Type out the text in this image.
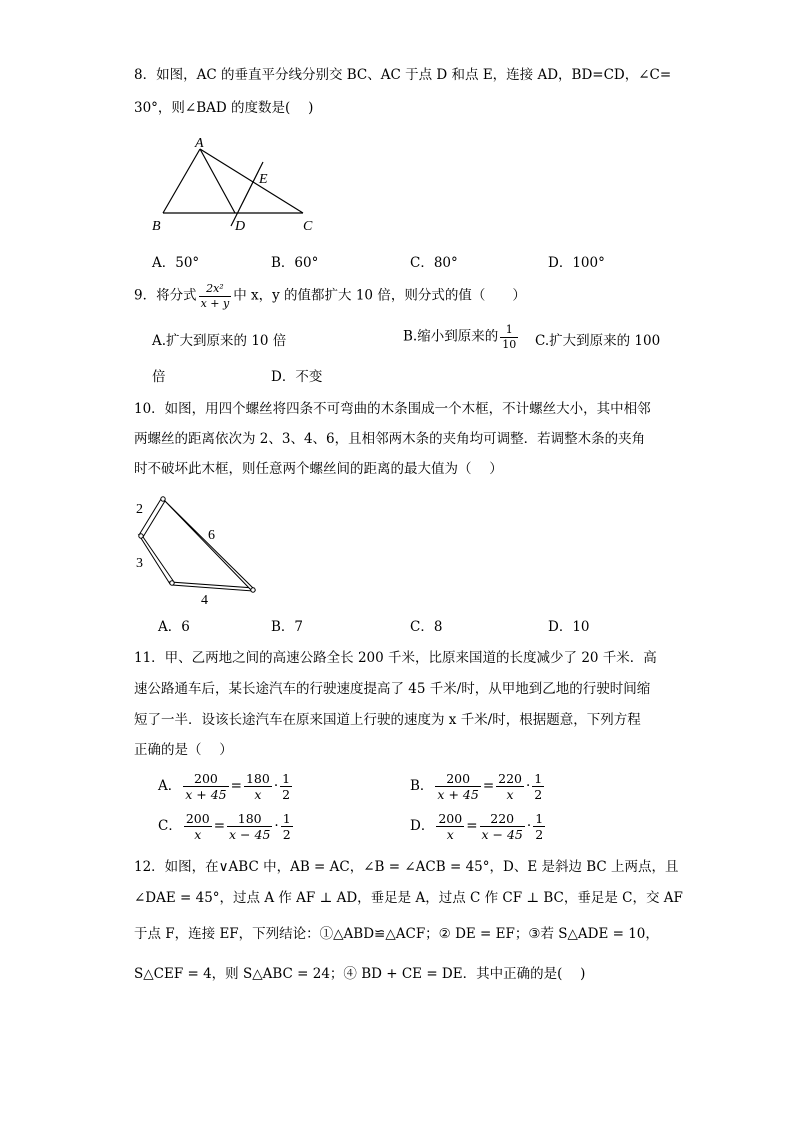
8．如图，AC 的垂直平分线分别交 BC、AC 于点 D 和点 E，连接 AD，BD=CD，∠C=
30°，则∠BAD 的度数是(　 )
A
B	D	C
E
A．50°	B．60°	C．80°	D．100°
9．将分式 $\frac{\text{2x²}}{x + y}$ 中 x，y 的值都扩大 10 倍，则分式的值（　　）
A.扩大到原来的 10 倍	B.缩小到原来的 $\frac{1}{10} C$.扩大到原来的 100
倍	D．不变
10．如图，用四个螺丝将四条不可弯曲的木条围成一个木框，不计螺丝大小，其中相邻
两螺丝的距离依次为 2、3、4、6，且相邻两木条的夹角均可调整．若调整木条的夹角
时不破坏此木框，则任意两个螺丝间的距离的最大值为（　 ）
2
3
6
4
A．6	B．7	C．8	D．10
11．甲、乙两地之间的高速公路全长 200 千米，比原来国道的长度减少了 20 千米．高
速公路通车后，某长途汽车的行驶速度提高了 45 千米/时，从甲地到乙地的行驶时间缩
短了一半．设该长途汽车在原来国道上行驶的速度为 x 千米/时，根据题意，下列方程
正确的是（　 ）
A． $\frac{200}{x + 45} = \frac{180}{x} \cdot \frac{1}{2}$	B． $\frac{200}{x + 45} = \frac{220}{x} \cdot \frac{1}{2}$
C． $\frac{200}{x} = \frac{180}{x - 45} \cdot \frac{1}{2}$	D． $\frac{200}{x} = \frac{220}{x - 45} \cdot \frac{1}{2}$
12．如图，在∨ABC 中，AB = AC，∠B = ∠ACB = 45°，D、E 是斜边 BC 上两点，且
∠DAE = 45°，过点 A 作 AF ⊥ AD，垂足是 A，过点 C 作 CF ⊥ BC，垂足是 C，交 AF
于点 F，连接 EF，下列结论：①△ABD≌△ACF；② DE = EF；③若 S△ADE = 10，
S△CEF = 4，则 S△ABC = 24；④ BD + CE = DE．其中正确的是(　 )
